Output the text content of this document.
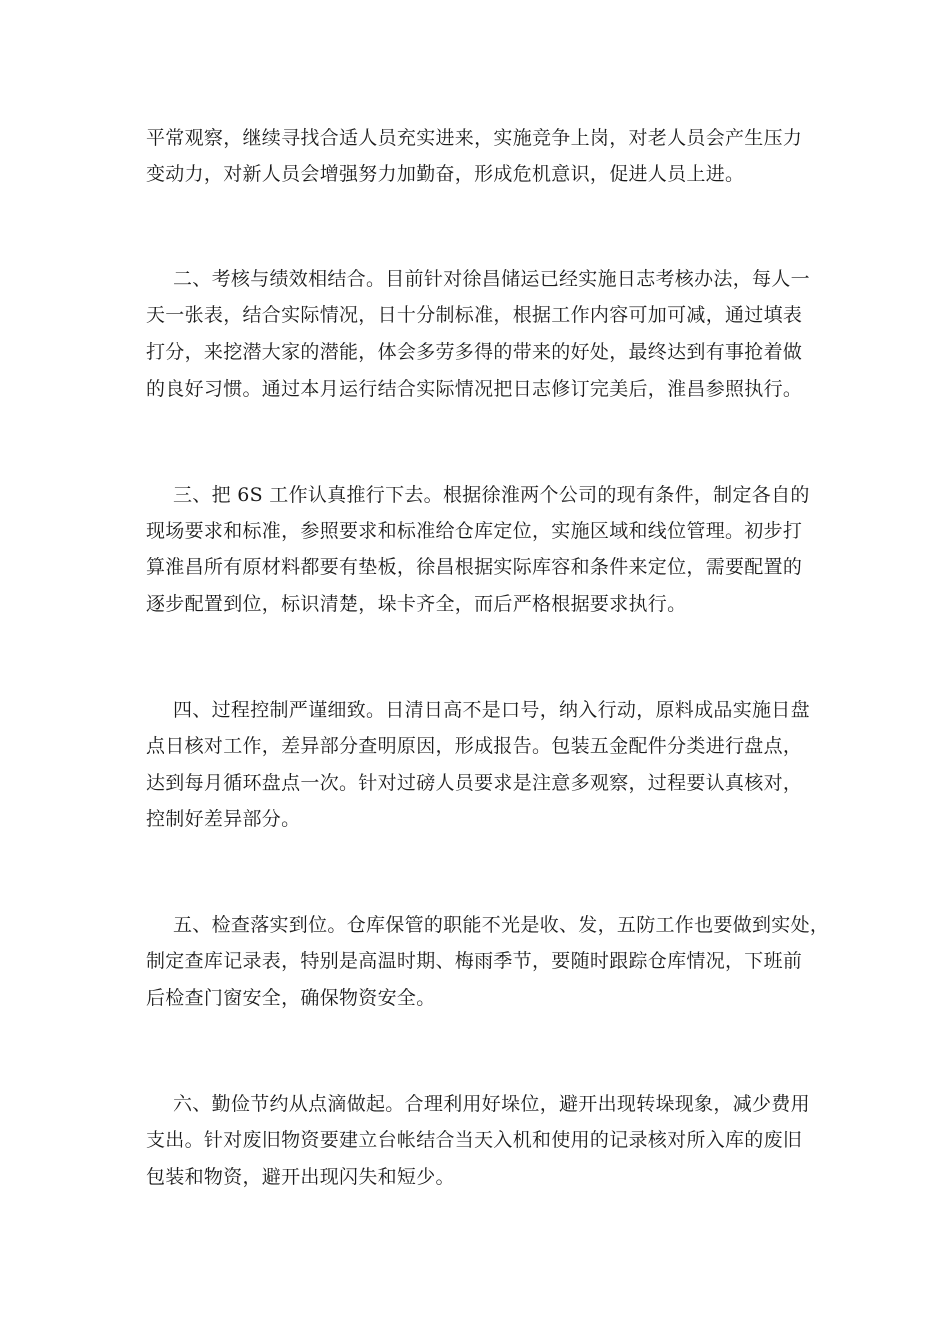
平常观察，继续寻找合适人员充实进来，实施竞争上岗，对老人员会产生压力
变动力，对新人员会增强努力加勤奋，形成危机意识，促进人员上进。
二、考核与绩效相结合。目前针对徐昌储运已经实施日志考核办法，每人一
天一张表，结合实际情况，日十分制标准，根据工作内容可加可减，通过填表
打分，来挖潜大家的潜能，体会多劳多得的带来的好处，最终达到有事抢着做
的良好习惯。通过本月运行结合实际情况把日志修订完美后，淮昌参照执行。
三、把 6S 工作认真推行下去。根据徐淮两个公司的现有条件，制定各自的
现场要求和标准，参照要求和标准给仓库定位，实施区域和线位管理。初步打
算淮昌所有原材料都要有垫板，徐昌根据实际库容和条件来定位，需要配置的
逐步配置到位，标识清楚，垛卡齐全，而后严格根据要求执行。
四、过程控制严谨细致。日清日高不是口号，纳入行动，原料成品实施日盘
点日核对工作，差异部分查明原因，形成报告。包装五金配件分类进行盘点，
达到每月循环盘点一次。针对过磅人员要求是注意多观察，过程要认真核对，
控制好差异部分。
五、检查落实到位。仓库保管的职能不光是收、发，五防工作也要做到实处，
制定查库记录表，特别是高温时期、梅雨季节，要随时跟踪仓库情况，下班前
后检查门窗安全，确保物资安全。
六、勤俭节约从点滴做起。合理利用好垛位，避开出现转垛现象，减少费用
支出。针对废旧物资要建立台帐结合当天入机和使用的记录核对所入库的废旧
包装和物资，避开出现闪失和短少。
